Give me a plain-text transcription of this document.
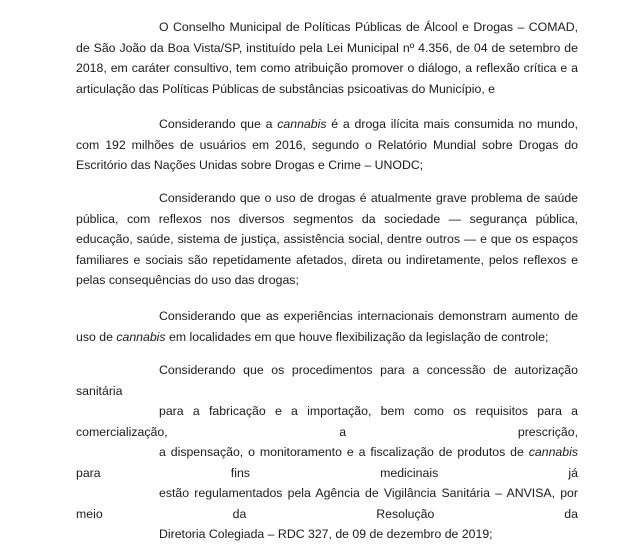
O Conselho Municipal de Políticas Públicas de Álcool e Drogas – COMAD, de São João da Boa Vista/SP, instituído pela Lei Municipal nº 4.356, de 04 de setembro de 2018, em caráter consultivo, tem como atribuição promover o diálogo, a reflexão crítica e a articulação das Políticas Públicas de substâncias psicoativas do Município, e

Considerando que a cannabis é a droga ilícita mais consumida no mundo, com 192 milhões de usuários em 2016, segundo o Relatório Mundial sobre Drogas do Escritório das Nações Unidas sobre Drogas e Crime – UNODC;

Considerando que o uso de drogas é atualmente grave problema de saúde pública, com reflexos nos diversos segmentos da sociedade — segurança pública, educação, saúde, sistema de justiça, assistência social, dentre outros — e que os espaços familiares e sociais são repetidamente afetados, direta ou indiretamente, pelos reflexos e pelas consequências do uso das drogas;

Considerando que as experiências internacionais demonstram aumento de uso de cannabis em localidades em que houve flexibilização da legislação de controle;

Considerando que os procedimentos para a concessão de autorização sanitária
para a fabricação e a importação, bem como os requisitos para a comercialização, a prescrição,
a dispensação, o monitoramento e a fiscalização de produtos de cannabis para fins medicinais já
estão regulamentados pela Agência de Vigilância Sanitária – ANVISA, por meio da Resolução da
Diretoria Colegiada – RDC 327, de 09 de dezembro de 2019;
